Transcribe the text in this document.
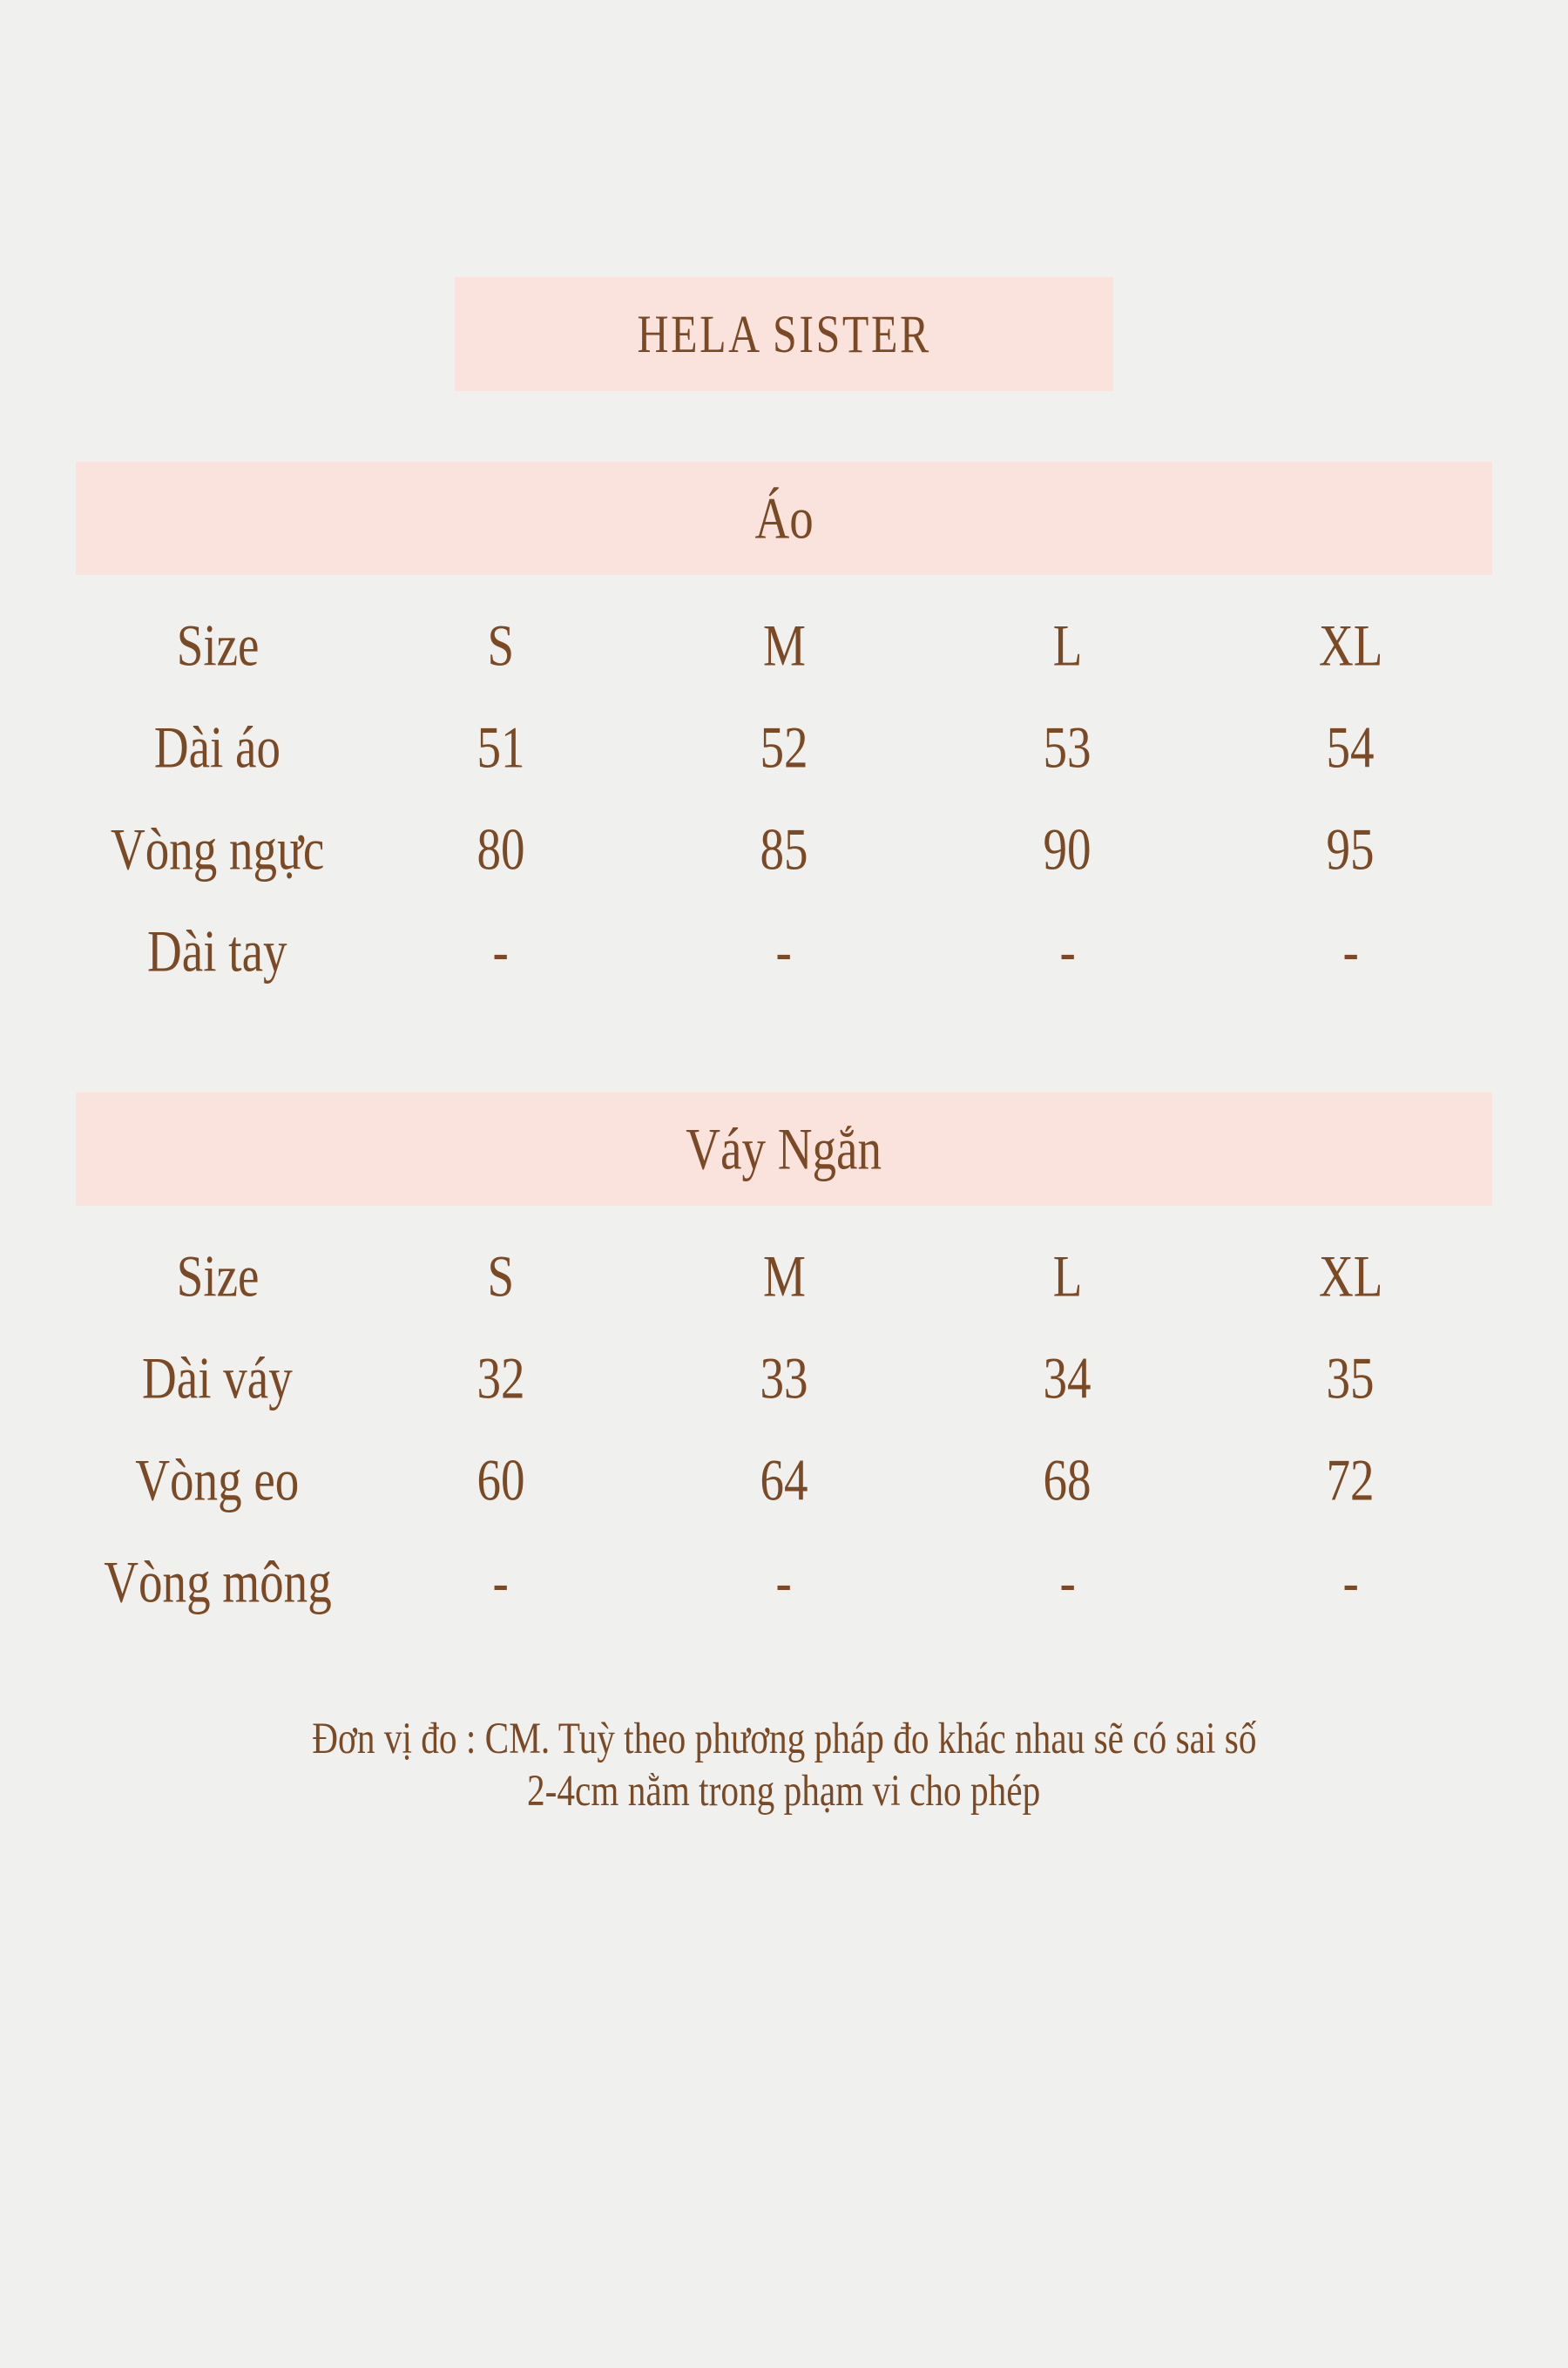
HELA SISTER
Áo
Size	S	M	L	XL
Dài áo	51	52	53	54
Vòng ngực	80	85	90	95
Dài tay	-	-	-	-
Váy Ngắn
Size	S	M	L	XL
Dài váy	32	33	34	35
Vòng eo	60	64	68	72
Vòng mông	-	-	-	-
Đơn vị đo : CM. Tuỳ theo phương pháp đo khác nhau sẽ có sai số
2-4cm nằm trong phạm vi cho phép
